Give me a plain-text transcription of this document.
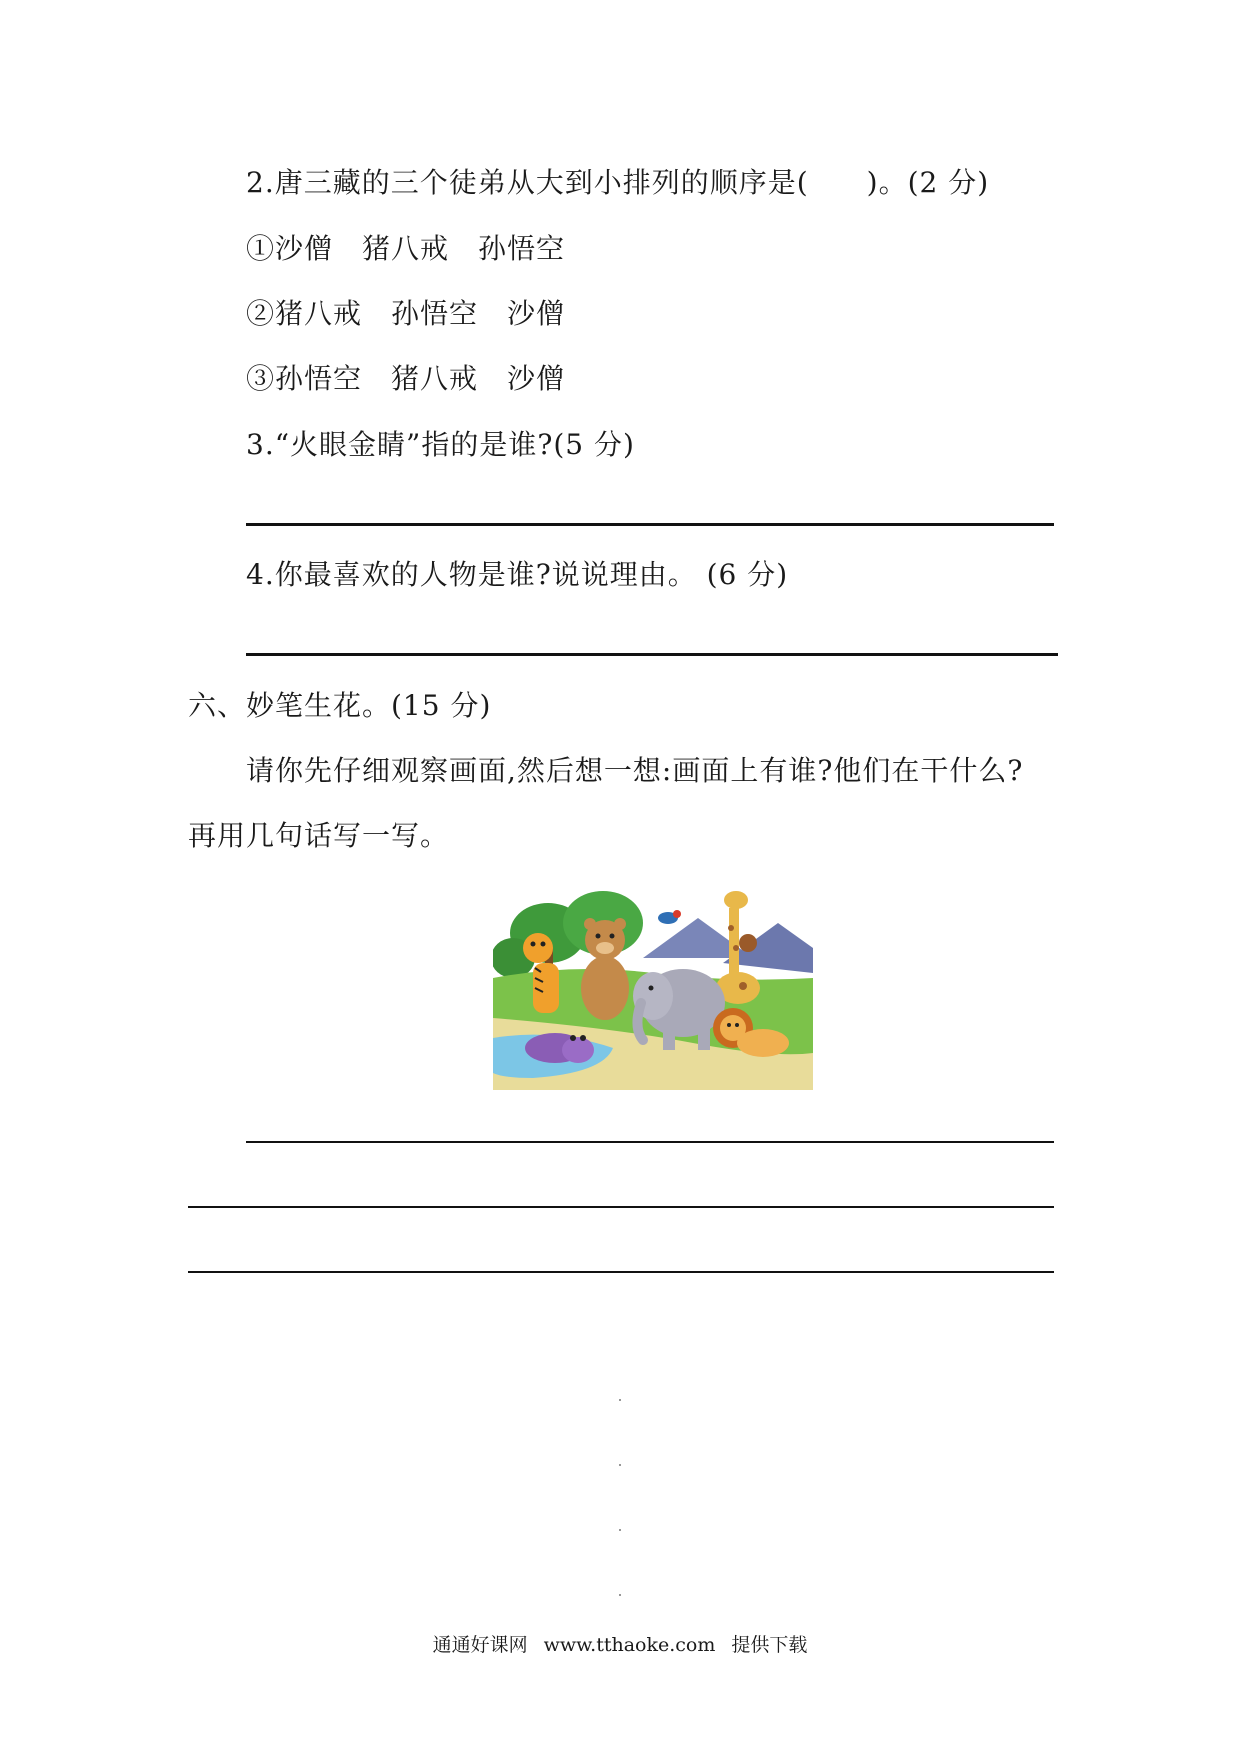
2.唐三藏的三个徒弟从大到小排列的顺序是(　　)。(2 分)
①沙僧　猪八戒　孙悟空
②猪八戒　孙悟空　沙僧
③孙悟空　猪八戒　沙僧
3.“火眼金睛”指的是谁?(5 分)
4.你最喜欢的人物是谁?说说理由。 (6 分)
六、妙笔生花。(15 分)
请你先仔细观察画面,然后想一想:画面上有谁?他们在干什么?
再用几句话写一写。
通通好课网 www.tthaoke.com 提供下载
